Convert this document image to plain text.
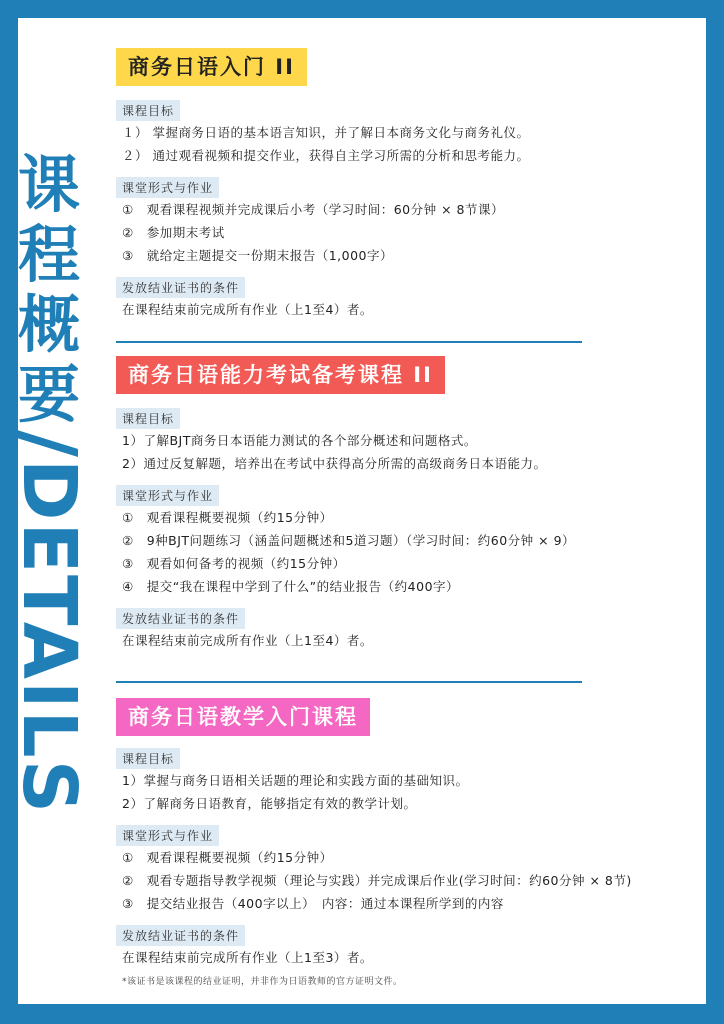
课程概要
/DETAILS
商务日语入门 II
课程目标
１） 掌握商务日语的基本语言知识，并了解日本商务文化与商务礼仪。
２） 通过观看视频和提交作业，获得自主学习所需的分析和思考能力。
课堂形式与作业
①　观看课程视频并完成课后小考（学习时间：60分钟 × 8节课）
②　参加期末考试
③　就给定主题提交一份期末报告（1,000字）
发放结业证书的条件
在课程结束前完成所有作业（上1至4）者。
商务日语能力考试备考课程 II
课程目标
1）了解BJT商务日本语能力测试的各个部分概述和问题格式。
2）通过反复解题，培养出在考试中获得高分所需的高级商务日本语能力。
课堂形式与作业
①　观看课程概要视频（约15分钟）
②　9种BJT问题练习（涵盖问题概述和5道习题）（学习时间：约60分钟 × 9）
③　观看如何备考的视频（约15分钟）
④　提交“我在课程中学到了什么”的结业报告（约400字）
发放结业证书的条件
在课程结束前完成所有作业（上1至4）者。
商务日语教学入门课程
课程目标
1）掌握与商务日语相关话题的理论和实践方面的基础知识。
2）了解商务日语教育，能够指定有效的教学计划。
课堂形式与作业
①　观看课程概要视频（约15分钟）
②　观看专题指导教学视频（理论与实践）并完成课后作业(学习时间：约60分钟 × 8节)
③　提交结业报告（400字以上）　内容：通过本课程所学到的内容
发放结业证书的条件
在课程结束前完成所有作业（上1至3）者。
*该证书是该课程的结业证明，并非作为日语教师的官方证明文件。
